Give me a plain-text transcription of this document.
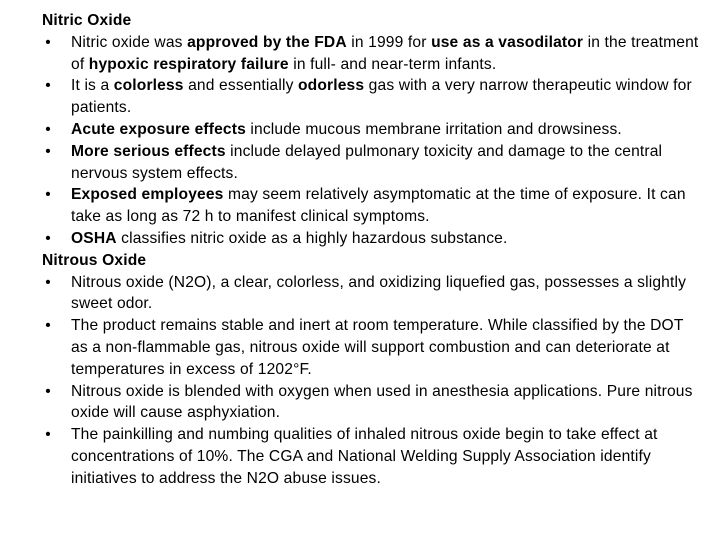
Nitric Oxide
• Nitric oxide was approved by the FDA in 1999 for use as a vasodilator in the treatment of hypoxic respiratory failure in full- and near-term infants.
• It is a colorless and essentially odorless gas with a very narrow therapeutic window for patients.
• Acute exposure effects include mucous membrane irritation and drowsiness.
• More serious effects include delayed pulmonary toxicity and damage to the central nervous system effects.
• Exposed employees may seem relatively asymptomatic at the time of exposure. It can take as long as 72 h to manifest clinical symptoms.
• OSHA classifies nitric oxide as a highly hazardous substance.
Nitrous Oxide
• Nitrous oxide (N2O), a clear, colorless, and oxidizing liquefied gas, possesses a slightly sweet odor.
• The product remains stable and inert at room temperature. While classified by the DOT as a non-flammable gas, nitrous oxide will support combustion and can deteriorate at temperatures in excess of 1202°F.
• Nitrous oxide is blended with oxygen when used in anesthesia applications. Pure nitrous oxide will cause asphyxiation.
• The painkilling and numbing qualities of inhaled nitrous oxide begin to take effect at concentrations of 10%. The CGA and National Welding Supply Association identify initiatives to address the N2O abuse issues.
